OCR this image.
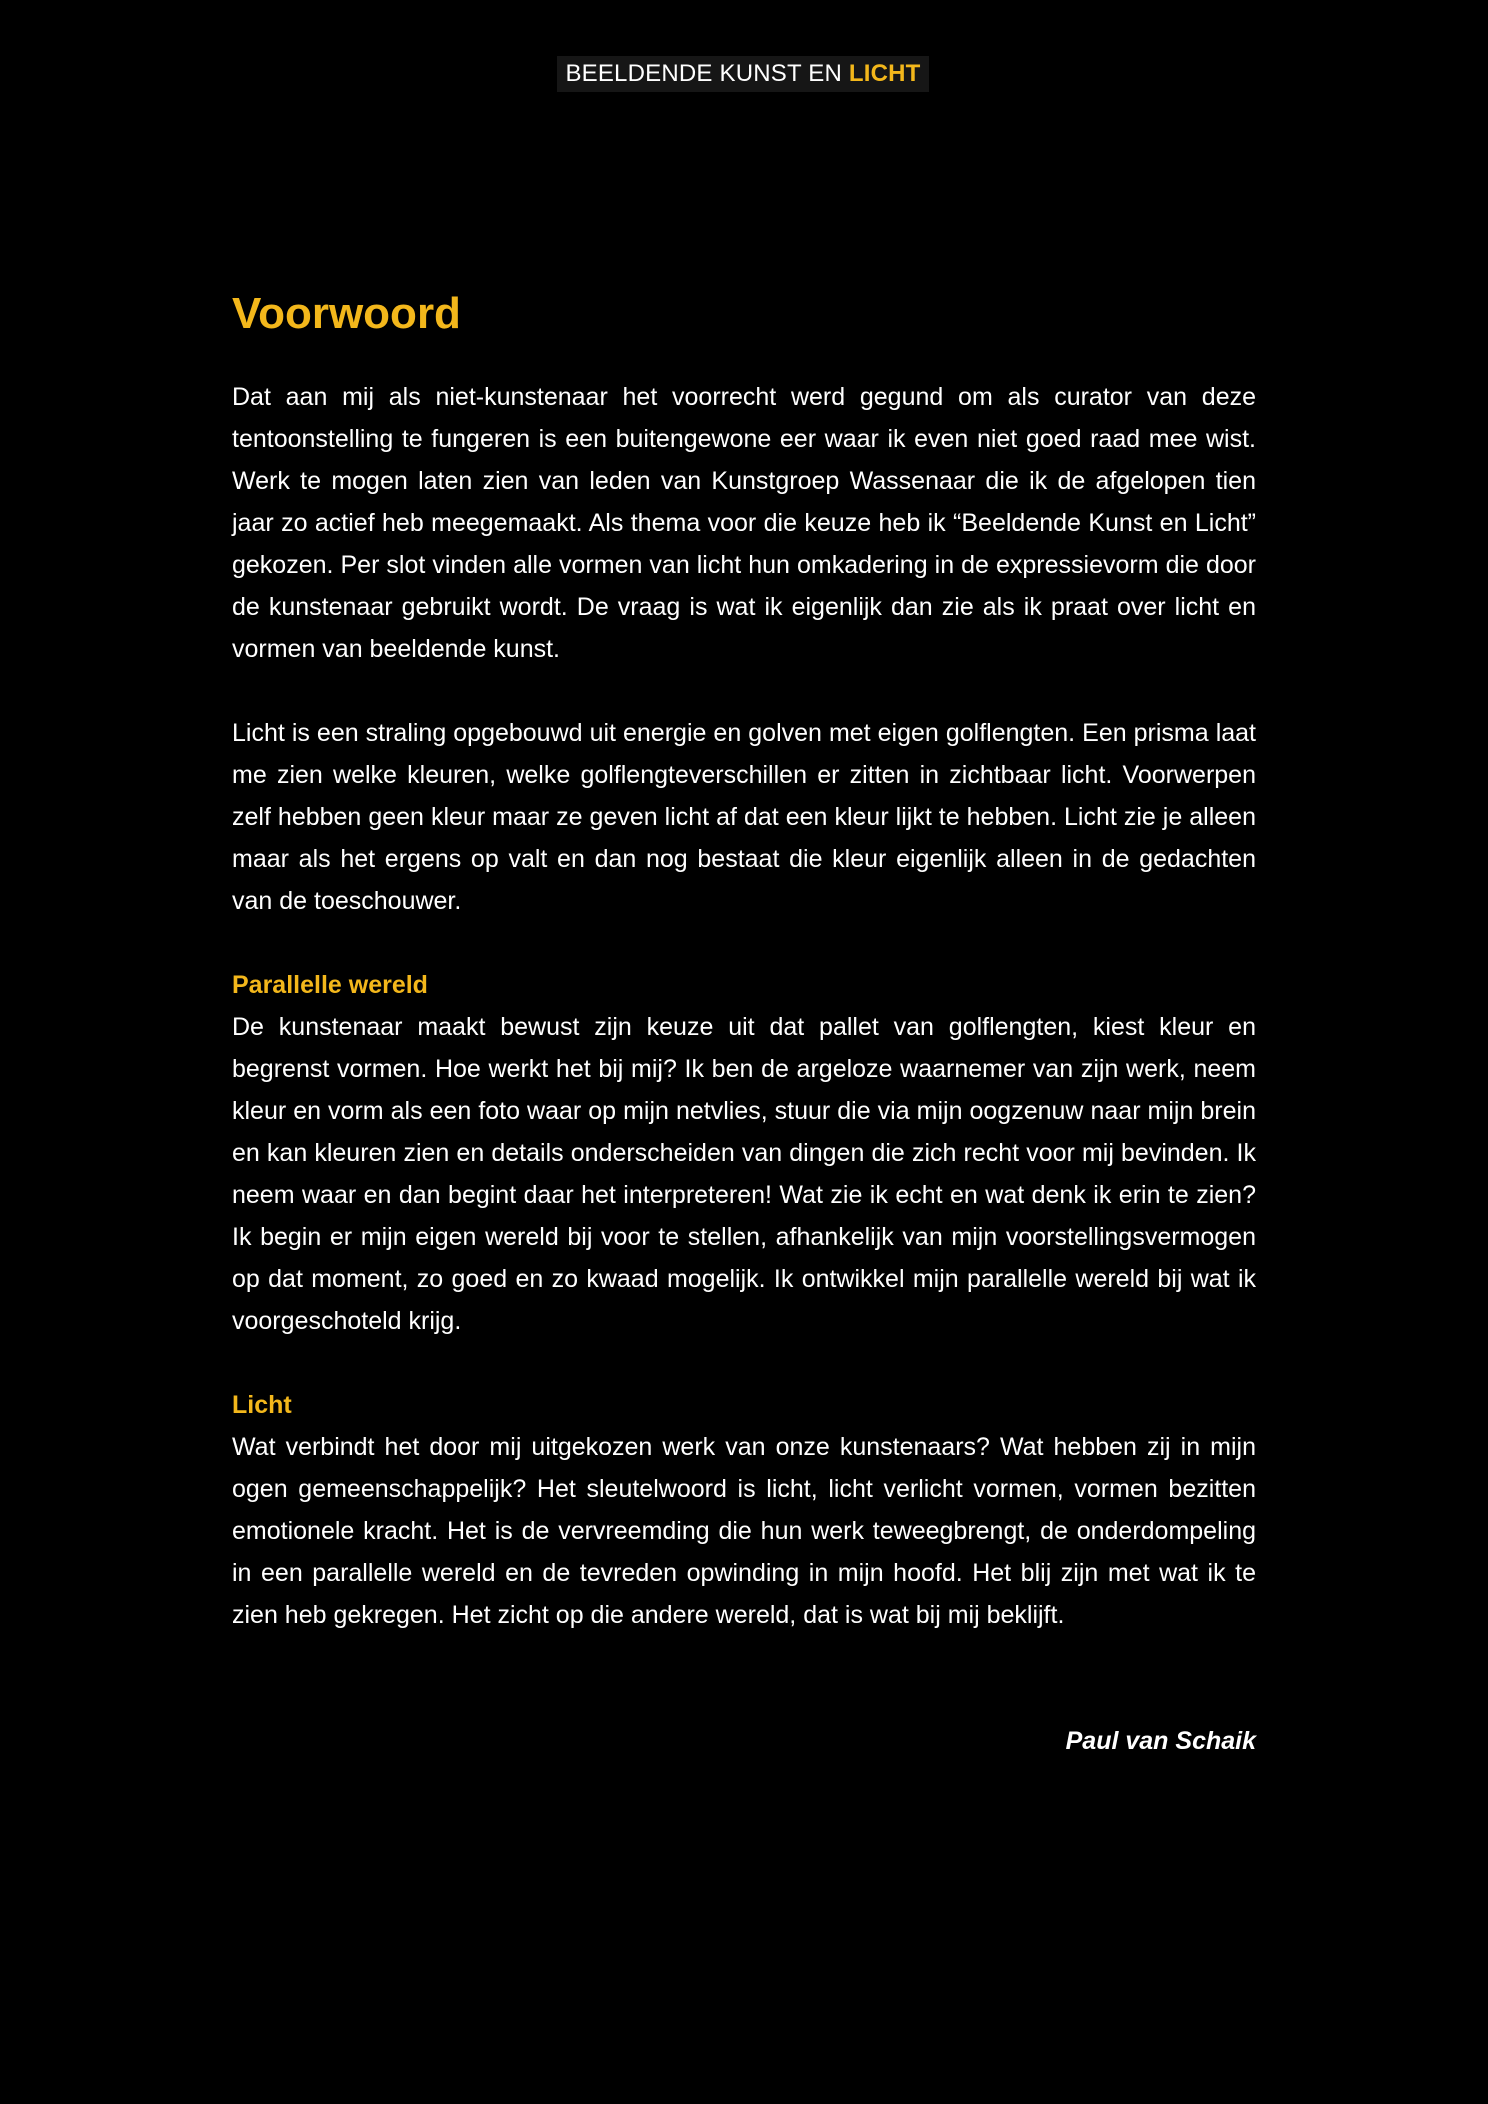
BEELDENDE KUNST EN LICHT
Voorwoord

Dat aan mij als niet-kunstenaar het voorrecht werd gegund om als curator van deze tentoonstelling te fungeren is een buitengewone eer waar ik even niet goed raad mee wist. Werk te mogen laten zien van leden van Kunstgroep Wassenaar die ik de afgelopen tien jaar zo actief heb meegemaakt. Als thema voor die keuze heb ik “Beeldende Kunst en Licht” gekozen. Per slot vinden alle vormen van licht hun omkadering in de expressievorm die door de kunstenaar gebruikt wordt. De vraag is wat ik eigenlijk dan zie als ik praat over licht en vormen van beeldende kunst.

Licht is een straling opgebouwd uit energie en golven met eigen golflengten. Een prisma laat me zien welke kleuren, welke golflengteverschillen er zitten in zichtbaar licht. Voorwerpen zelf hebben geen kleur maar ze geven licht af dat een kleur lijkt te hebben. Licht zie je alleen maar als het ergens op valt en dan nog bestaat die kleur eigenlijk alleen in de gedachten van de toeschouwer.

Parallelle wereld

De kunstenaar maakt bewust zijn keuze uit dat pallet van golflengten, kiest kleur en begrenst vormen. Hoe werkt het bij mij? Ik ben de argeloze waarnemer van zijn werk, neem kleur en vorm als een foto waar op mijn netvlies, stuur die via mijn oogzenuw naar mijn brein en kan kleuren zien en details onderscheiden van dingen die zich recht voor mij bevinden. Ik neem waar en dan begint daar het interpreteren! Wat zie ik echt en wat denk ik erin te zien? Ik begin er mijn eigen wereld bij voor te stellen, afhankelijk van mijn voorstellingsvermogen op dat moment, zo goed en zo kwaad mogelijk. Ik ontwikkel mijn parallelle wereld bij wat ik voorgeschoteld krijg.

Licht

Wat verbindt het door mij uitgekozen werk van onze kunstenaars? Wat hebben zij in mijn ogen gemeenschappelijk? Het sleutelwoord is licht, licht verlicht vormen, vormen bezitten emotionele kracht. Het is de vervreemding die hun werk teweegbrengt, de onderdompeling in een parallelle wereld en de tevreden opwinding in mijn hoofd. Het blij zijn met wat ik te zien heb gekregen. Het zicht op die andere wereld, dat is wat bij mij beklijft.

Paul van Schaik
